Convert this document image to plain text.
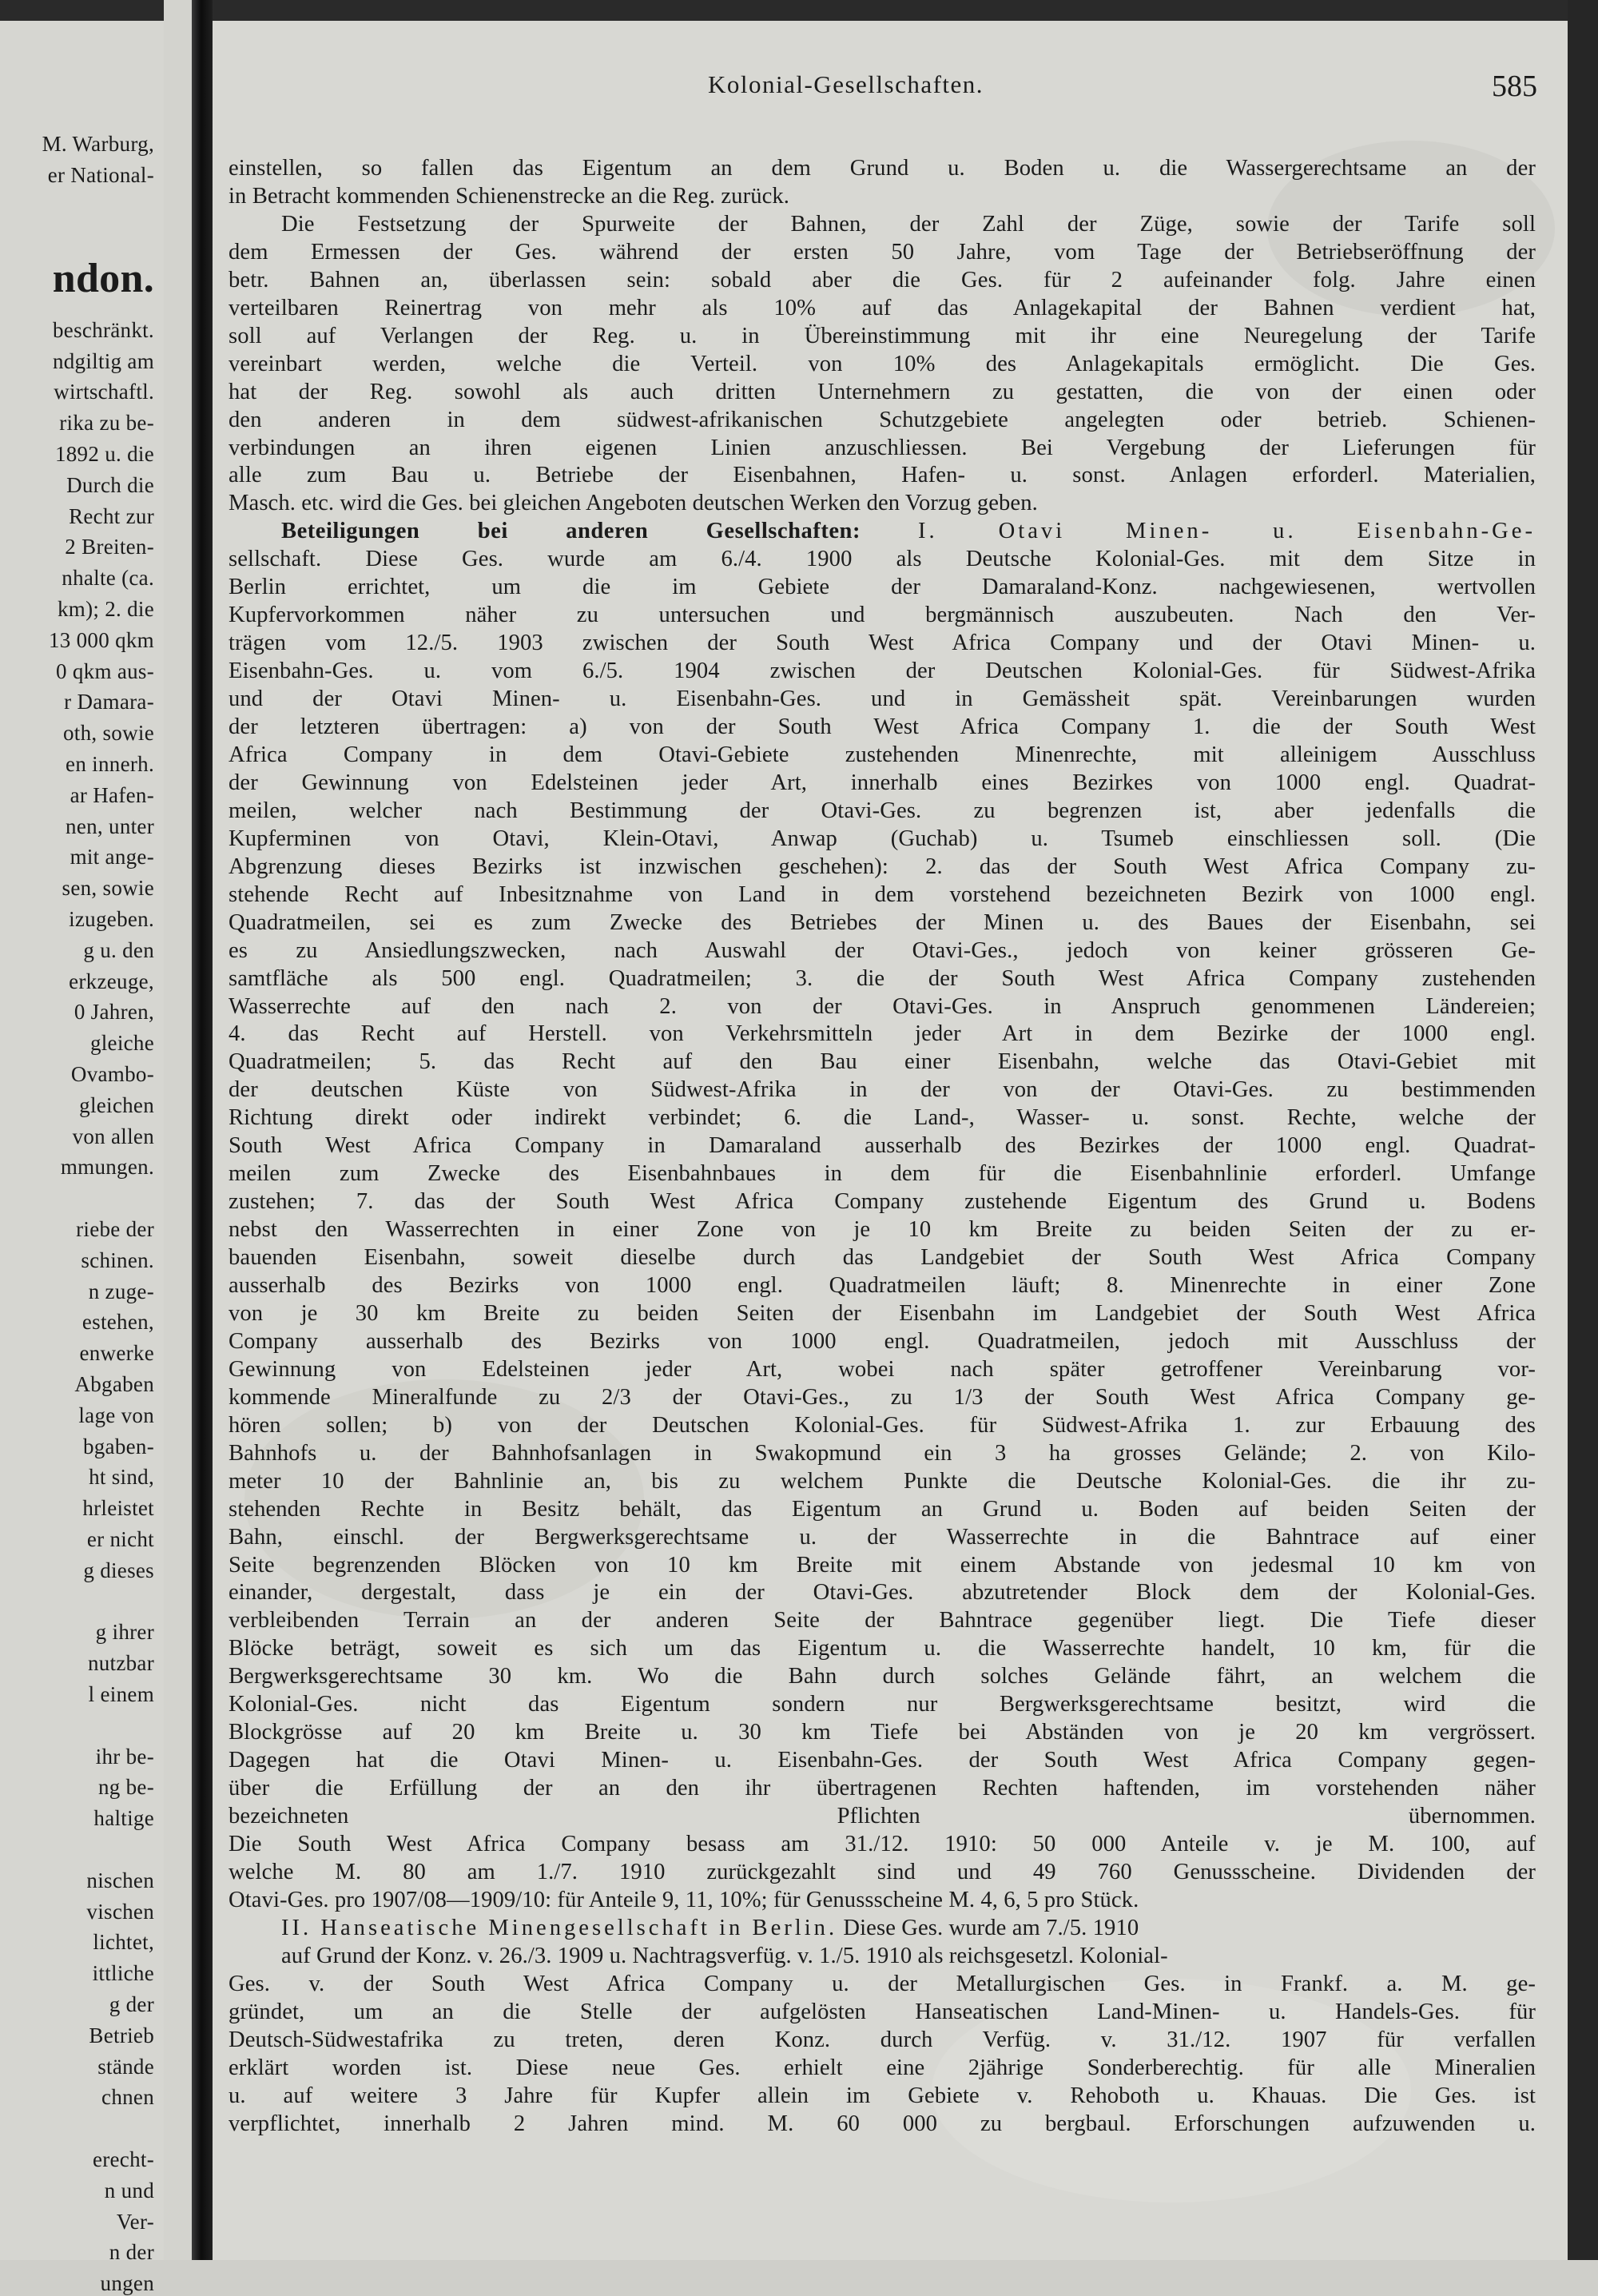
M. Warburg,
er National-
ndon.
beschränkt.
ndgiltig am
wirtschaftl.
rika zu be-
1892 u. die
Durch die
Recht zur
2 Breiten-
nhalte (ca.
km); 2. die
13 000 qkm
0 qkm aus-
r Damara-
oth, sowie
en innerh.
ar Hafen-
nen, unter
mit ange-
sen, sowie
izugeben.
g u. den
erkzeuge,
0 Jahren,
gleiche
Ovambo-
gleichen
von allen
mmungen.
riebe der
schinen.
n zuge-
estehen,
enwerke
Abgaben
lage von
bgaben-
ht sind,
hrleistet
er nicht
g dieses
g ihrer
nutzbar
l einem
ihr be-
ng be-
haltige
nischen
vischen
lichtet,
ittliche
g der
Betrieb
stände
chnen
erecht-
n und
Ver-
n der
ungen
Kolonial-Gesellschaften.	585
einstellen, so fallen das Eigentum an dem Grund u. Boden u. die Wassergerechtsame an der
in Betracht kommenden Schienenstrecke an die Reg. zurück.
Die Festsetzung der Spurweite der Bahnen, der Zahl der Züge, sowie der Tarife soll
dem Ermessen der Ges. während der ersten 50 Jahre, vom Tage der Betriebseröffnung der
betr. Bahnen an, überlassen sein: sobald aber die Ges. für 2 aufeinander folg. Jahre einen
verteilbaren Reinertrag von mehr als 10% auf das Anlagekapital der Bahnen verdient hat,
soll auf Verlangen der Reg. u. in Übereinstimmung mit ihr eine Neuregelung der Tarife
vereinbart werden, welche die Verteil. von 10% des Anlagekapitals ermöglicht. Die Ges.
hat der Reg. sowohl als auch dritten Unternehmern zu gestatten, die von der einen oder
den anderen in dem südwest-afrikanischen Schutzgebiete angelegten oder betrieb. Schienen-
verbindungen an ihren eigenen Linien anzuschliessen. Bei Vergebung der Lieferungen für
alle zum Bau u. Betriebe der Eisenbahnen, Hafen- u. sonst. Anlagen erforderl. Materialien,
Masch. etc. wird die Ges. bei gleichen Angeboten deutschen Werken den Vorzug geben.
Beteiligungen bei anderen Gesellschaften:	I. Otavi Minen- u. Eisenbahn-Ge-
sellschaft. Diese Ges. wurde am 6./4. 1900 als Deutsche Kolonial-Ges. mit dem Sitze in
Berlin errichtet, um die im Gebiete der Damaraland-Konz. nachgewiesenen, wertvollen
Kupfervorkommen näher zu untersuchen und bergmännisch auszubeuten. Nach den Ver-
trägen vom 12./5. 1903 zwischen der South West Africa Company und der Otavi Minen- u.
Eisenbahn-Ges. u. vom 6./5. 1904 zwischen der Deutschen Kolonial-Ges. für Südwest-Afrika
und der Otavi Minen- u. Eisenbahn-Ges. und in Gemässheit spät. Vereinbarungen wurden
der letzteren übertragen: a) von der South West Africa Company 1. die der South West
Africa Company in dem Otavi-Gebiete zustehenden Minenrechte, mit alleinigem Ausschluss
der Gewinnung von Edelsteinen jeder Art, innerhalb eines Bezirkes von 1000 engl. Quadrat-
meilen, welcher nach Bestimmung der Otavi-Ges. zu begrenzen ist, aber jedenfalls die
Kupferminen von Otavi, Klein-Otavi, Anwap (Guchab) u. Tsumeb einschliessen soll. (Die
Abgrenzung dieses Bezirks ist inzwischen geschehen): 2. das der South West Africa Company zu-
stehende Recht auf Inbesitznahme von Land in dem vorstehend bezeichneten Bezirk von 1000 engl.
Quadratmeilen, sei es zum Zwecke des Betriebes der Minen u. des Baues der Eisenbahn, sei
es zu Ansiedlungszwecken, nach Auswahl der Otavi-Ges., jedoch von keiner grösseren Ge-
samtfläche als 500 engl. Quadratmeilen; 3. die der South West Africa Company zustehenden
Wasserrechte auf den nach 2. von der Otavi-Ges. in Anspruch genommenen Ländereien;
4. das Recht auf Herstell. von Verkehrsmitteln jeder Art in dem Bezirke der 1000 engl.
Quadratmeilen; 5. das Recht auf den Bau einer Eisenbahn, welche das Otavi-Gebiet mit
der deutschen Küste von Südwest-Afrika in der von der Otavi-Ges. zu bestimmenden
Richtung direkt oder indirekt verbindet; 6. die Land-, Wasser- u. sonst. Rechte, welche der
South West Africa Company in Damaraland ausserhalb des Bezirkes der 1000 engl. Quadrat-
meilen zum Zwecke des Eisenbahnbaues in dem für die Eisenbahnlinie erforderl. Umfange
zustehen; 7. das der South West Africa Company zustehende Eigentum des Grund u. Bodens
nebst den Wasserrechten in einer Zone von je 10 km Breite zu beiden Seiten der zu er-
bauenden Eisenbahn, soweit dieselbe durch das Landgebiet der South West Africa Company
ausserhalb des Bezirks von 1000 engl. Quadratmeilen läuft; 8. Minenrechte in einer Zone
von je 30 km Breite zu beiden Seiten der Eisenbahn im Landgebiet der South West Africa
Company ausserhalb des Bezirks von 1000 engl. Quadratmeilen, jedoch mit Ausschluss der
Gewinnung von Edelsteinen jeder Art, wobei nach später getroffener Vereinbarung vor-
kommende Mineralfunde zu 2/3 der Otavi-Ges., zu 1/3 der South West Africa Company ge-
hören sollen; b) von der Deutschen Kolonial-Ges. für Südwest-Afrika 1. zur Erbauung des
Bahnhofs u. der Bahnhofsanlagen in Swakopmund ein 3 ha grosses Gelände; 2. von Kilo-
meter 10 der Bahnlinie an, bis zu welchem Punkte die Deutsche Kolonial-Ges. die ihr zu-
stehenden Rechte in Besitz behält, das Eigentum an Grund u. Boden auf beiden Seiten der
Bahn, einschl. der Bergwerksgerechtsame u. der Wasserrechte in die Bahntrace auf einer
Seite begrenzenden Blöcken von 10 km Breite mit einem Abstande von jedesmal 10 km von
einander, dergestalt, dass je ein der Otavi-Ges. abzutretender Block dem der Kolonial-Ges.
verbleibenden Terrain an der anderen Seite der Bahntrace gegenüber liegt. Die Tiefe dieser
Blöcke beträgt, soweit es sich um das Eigentum u. die Wasserrechte handelt, 10 km, für die
Bergwerksgerechtsame 30 km. Wo die Bahn durch solches Gelände fährt, an welchem die
Kolonial-Ges. nicht das Eigentum sondern nur Bergwerksgerechtsame besitzt, wird die
Blockgrösse auf 20 km Breite u. 30 km Tiefe bei Abständen von je 20 km vergrössert.
Dagegen hat die Otavi Minen- u. Eisenbahn-Ges. der South West Africa Company gegen-
über die Erfüllung der an den ihr übertragenen Rechten haftenden, im vorstehenden näher
bezeichneten Pflichten übernommen.
Die South West Africa Company besass am 31./12. 1910: 50 000 Anteile v. je M. 100, auf
welche M. 80 am 1./7. 1910 zurückgezahlt sind und 49 760 Genussscheine. Dividenden der
Otavi-Ges. pro 1907/08—1909/10: für Anteile 9, 11, 10%; für Genussscheine M. 4, 6, 5 pro Stück.
II. Hanseatische Minengesellschaft in Berlin. Diese Ges. wurde am 7./5. 1910
auf Grund der Konz. v. 26./3. 1909 u. Nachtragsverfüg. v. 1./5. 1910 als reichsgesetzl. Kolonial-
Ges. v. der South West Africa Company u. der Metallurgischen Ges. in Frankf. a. M. ge-
gründet, um an die Stelle der aufgelösten Hanseatischen Land-Minen- u. Handels-Ges. für
Deutsch-Südwestafrika zu treten, deren Konz. durch Verfüg. v. 31./12. 1907 für verfallen
erklärt worden ist. Diese neue Ges. erhielt eine 2jährige Sonderberechtig. für alle Mineralien
u. auf weitere 3 Jahre für Kupfer allein im Gebiete v. Rehoboth u. Khauas. Die Ges. ist
verpflichtet, innerhalb 2 Jahren mind. M. 60 000 zu bergbaul. Erforschungen aufzuwenden u.
